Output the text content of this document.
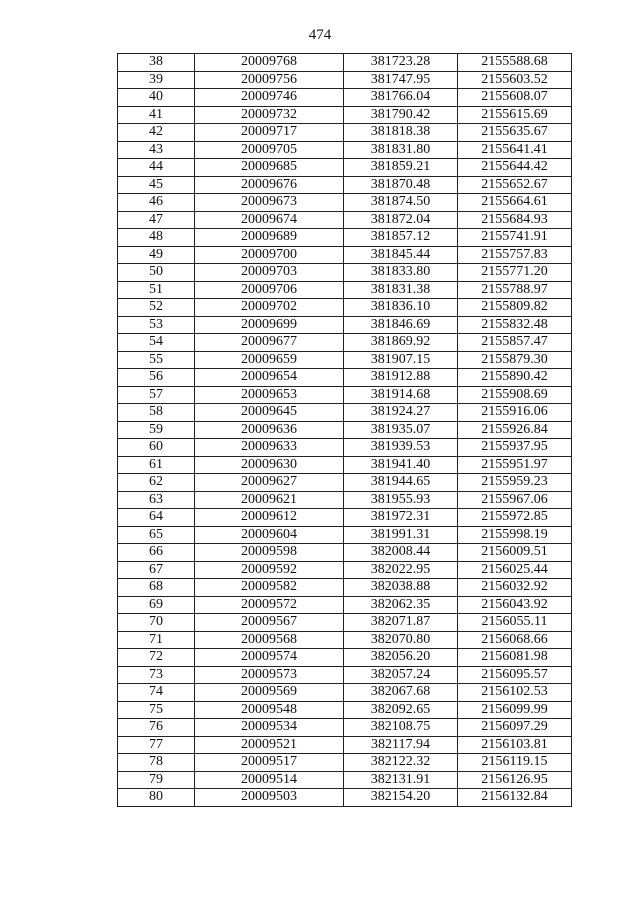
474
38	20009768	381723.28	2155588.68
39	20009756	381747.95	2155603.52
40	20009746	381766.04	2155608.07
41	20009732	381790.42	2155615.69
42	20009717	381818.38	2155635.67
43	20009705	381831.80	2155641.41
44	20009685	381859.21	2155644.42
45	20009676	381870.48	2155652.67
46	20009673	381874.50	2155664.61
47	20009674	381872.04	2155684.93
48	20009689	381857.12	2155741.91
49	20009700	381845.44	2155757.83
50	20009703	381833.80	2155771.20
51	20009706	381831.38	2155788.97
52	20009702	381836.10	2155809.82
53	20009699	381846.69	2155832.48
54	20009677	381869.92	2155857.47
55	20009659	381907.15	2155879.30
56	20009654	381912.88	2155890.42
57	20009653	381914.68	2155908.69
58	20009645	381924.27	2155916.06
59	20009636	381935.07	2155926.84
60	20009633	381939.53	2155937.95
61	20009630	381941.40	2155951.97
62	20009627	381944.65	2155959.23
63	20009621	381955.93	2155967.06
64	20009612	381972.31	2155972.85
65	20009604	381991.31	2155998.19
66	20009598	382008.44	2156009.51
67	20009592	382022.95	2156025.44
68	20009582	382038.88	2156032.92
69	20009572	382062.35	2156043.92
70	20009567	382071.87	2156055.11
71	20009568	382070.80	2156068.66
72	20009574	382056.20	2156081.98
73	20009573	382057.24	2156095.57
74	20009569	382067.68	2156102.53
75	20009548	382092.65	2156099.99
76	20009534	382108.75	2156097.29
77	20009521	382117.94	2156103.81
78	20009517	382122.32	2156119.15
79	20009514	382131.91	2156126.95
80	20009503	382154.20	2156132.84
